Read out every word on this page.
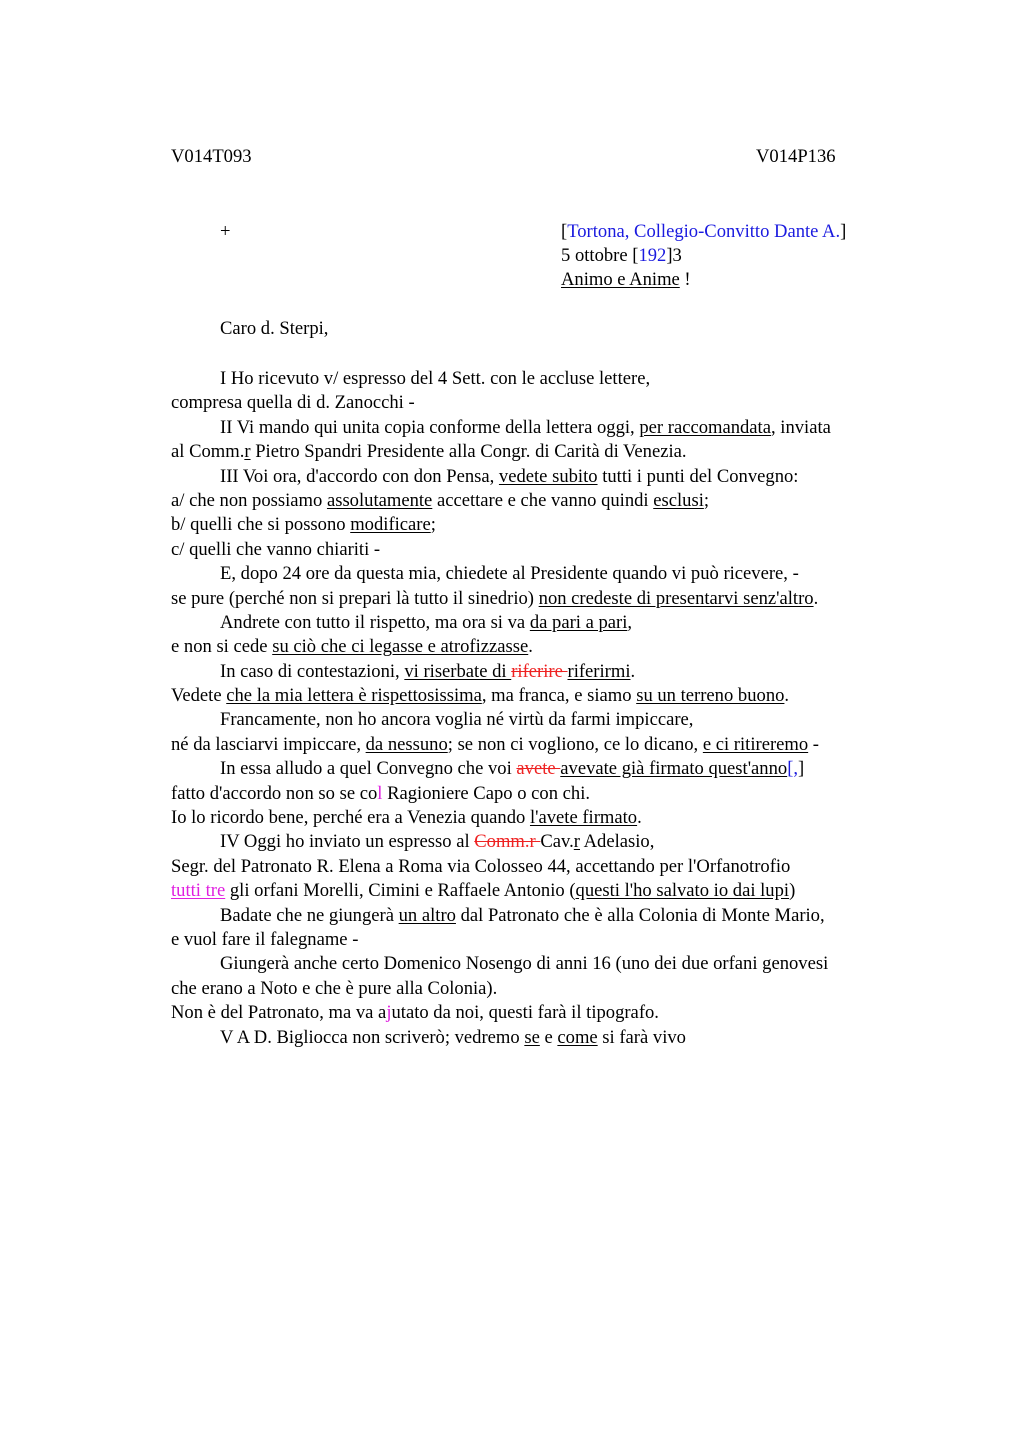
V014T093	V014P136
+	[Tortona, Collegio-Convitto Dante A.]
5 ottobre [192]3
Animo e Anime !
Caro d. Sterpi,
I Ho ricevuto v/ espresso del 4 Sett. con le accluse lettere,
compresa quella di d. Zanocchi -
II Vi mando qui unita copia conforme della lettera oggi, per raccomandata, inviata
al Comm.r Pietro Spandri Presidente alla Congr. di Carità di Venezia.
III Voi ora, d'accordo con don Pensa, vedete subito tutti i punti del Convegno:
a/ che non possiamo assolutamente accettare e che vanno quindi esclusi;
b/ quelli che si possono modificare;
c/ quelli che vanno chiariti -
E, dopo 24 ore da questa mia, chiedete al Presidente quando vi può ricevere, -
se pure (perché non si prepari là tutto il sinedrio) non credeste di presentarvi senz'altro.
Andrete con tutto il rispetto, ma ora si va da pari a pari,
e non si cede su ciò che ci legasse e atrofizzasse.
In caso di contestazioni, vi riserbate di riferire riferirmi.
Vedete che la mia lettera è rispettosissima, ma franca, e siamo su un terreno buono.
Francamente, non ho ancora voglia né virtù da farmi impiccare,
né da lasciarvi impiccare, da nessuno; se non ci vogliono, ce lo dicano, e ci ritireremo -
In essa alludo a quel Convegno che voi avete avevate già firmato quest'anno[,]
fatto d'accordo non so se col Ragioniere Capo o con chi.
Io lo ricordo bene, perché era a Venezia quando l'avete firmato.
IV Oggi ho inviato un espresso al Comm.r Cav.r Adelasio,
Segr. del Patronato R. Elena a Roma via Colosseo 44, accettando per l'Orfanotrofio
tutti tre gli orfani Morelli, Cimini e Raffaele Antonio (questi l'ho salvato io dai lupi)
Badate che ne giungerà un altro dal Patronato che è alla Colonia di Monte Mario,
e vuol fare il falegname -
Giungerà anche certo Domenico Nosengo di anni 16 (uno dei due orfani genovesi
che erano a Noto e che è pure alla Colonia).
Non è del Patronato, ma va ajutato da noi, questi farà il tipografo.
V A D. Bigliocca non scriverò; vedremo se e come si farà vivo
